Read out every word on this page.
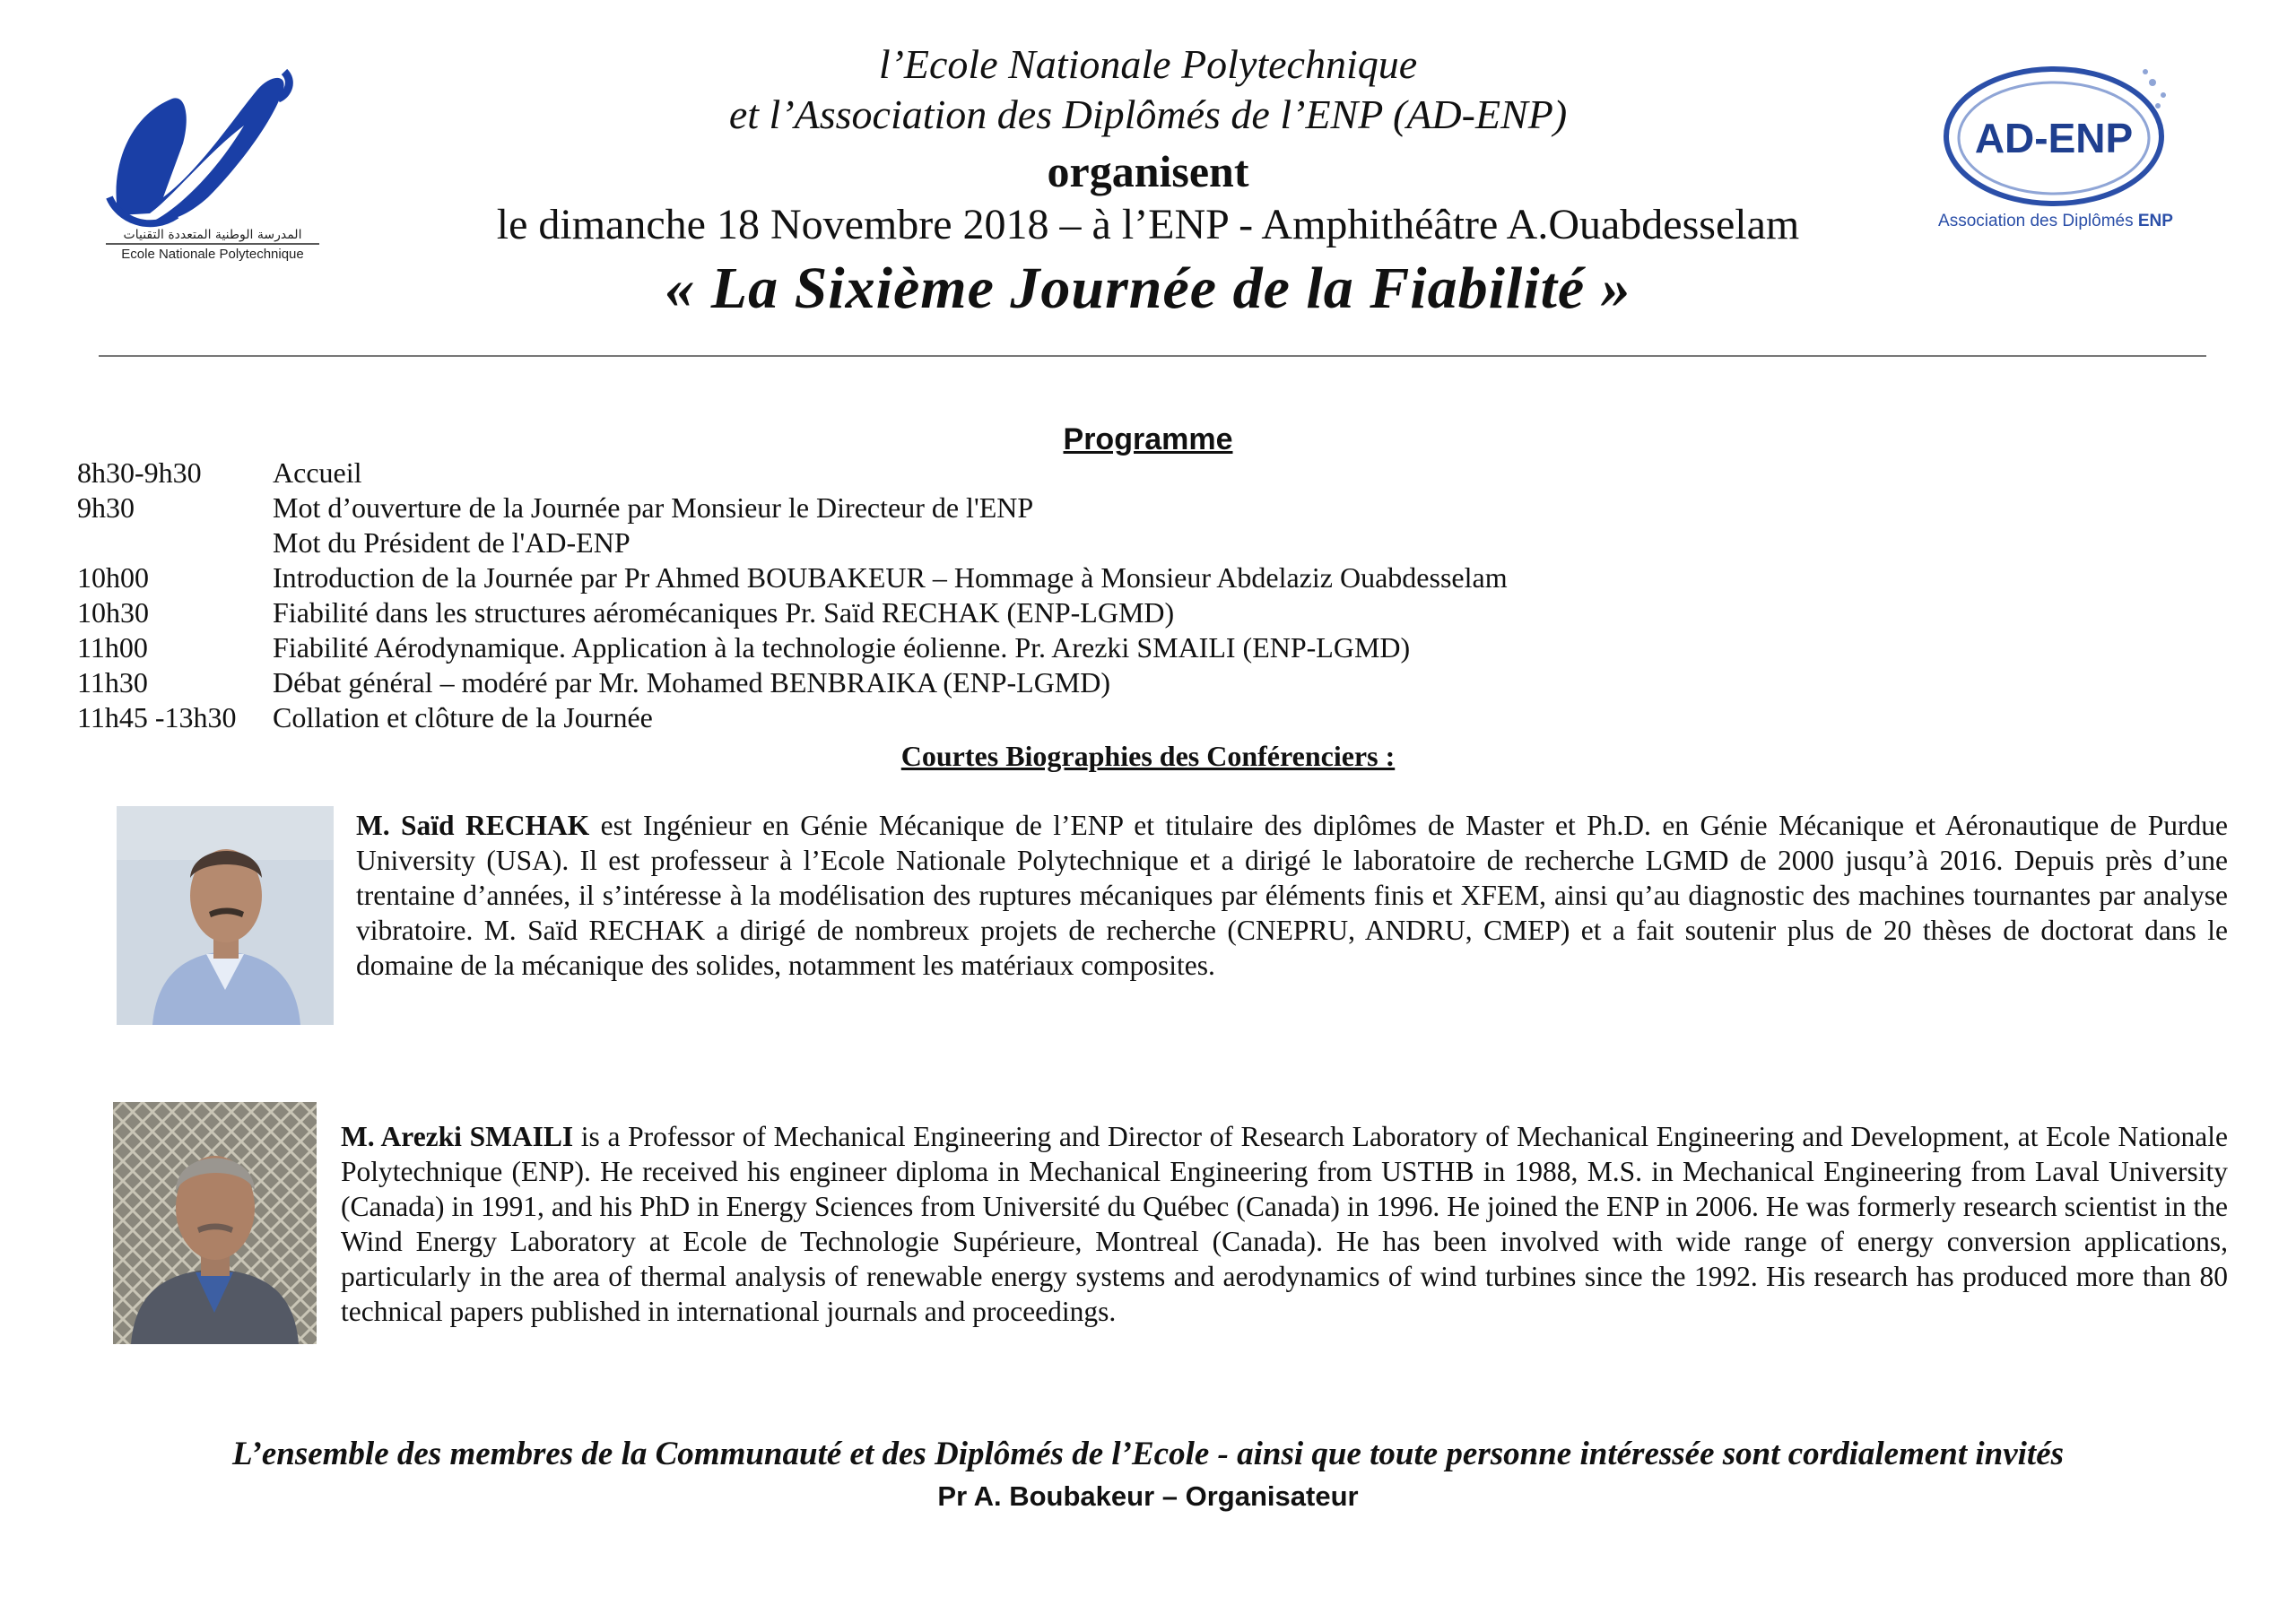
المدرسة الوطنية المتعددة التقنيات
Ecole Nationale Polytechnique
AD-ENP
Association des Diplômés ENP
l’Ecole Nationale Polytechnique
et l’Association des Diplômés de l’ENP (AD-ENP)
organisent
le dimanche 18 Novembre 2018 – à l’ENP - Amphithéâtre A.Ouabdesselam
« La Sixième Journée de la Fiabilité »
Programme
8h30-9h30 Accueil
9h30	Mot d’ouverture de la Journée par Monsieur le Directeur de l'ENP
Mot du Président de l'AD-ENP
10h00	Introduction de la Journée par Pr Ahmed BOUBAKEUR – Hommage à Monsieur Abdelaziz Ouabdesselam
10h30	Fiabilité dans les structures aéromécaniques Pr. Saïd RECHAK (ENP-LGMD)
11h00	Fiabilité Aérodynamique. Application à la technologie éolienne. Pr. Arezki SMAILI (ENP-LGMD)
11h30	Débat général – modéré par Mr. Mohamed BENBRAIKA (ENP-LGMD)
11h45 -13h30 Collation et clôture de la Journée
Courtes Biographies des Conférenciers :
M. Saïd RECHAK est Ingénieur en Génie Mécanique de l’ENP et titulaire des diplômes de Master et Ph.D. en Génie Mécanique et Aéronautique de Purdue University (USA). Il est professeur à l’Ecole Nationale Polytechnique et a dirigé le laboratoire de recherche LGMD de 2000 jusqu’à 2016. Depuis près d’une trentaine d’années, il s’intéresse à la modélisation des ruptures mécaniques par éléments finis et XFEM, ainsi qu’au diagnostic des machines tournantes par analyse vibratoire. M. Saïd RECHAK a dirigé de nombreux projets de recherche (CNEPRU, ANDRU, CMEP) et a fait soutenir plus de 20 thèses de doctorat dans le domaine de la mécanique des solides, notamment les matériaux composites.
M. Arezki SMAILI is a Professor of Mechanical Engineering and Director of Research Laboratory of Mechanical Engineering and Development, at Ecole Nationale Polytechnique (ENP). He received his engineer diploma in Mechanical Engineering from USTHB in 1988, M.S. in Mechanical Engineering from Laval University (Canada) in 1991, and his PhD in Energy Sciences from Université du Québec (Canada) in 1996. He joined the ENP in 2006. He was formerly research scientist in the Wind Energy Laboratory at Ecole de Technologie Supérieure, Montreal (Canada). He has been involved with wide range of energy conversion applications, particularly in the area of thermal analysis of renewable energy systems and aerodynamics of wind turbines since the 1992. His research has produced more than 80 technical papers published in international journals and proceedings.
L’ensemble des membres de la Communauté et des Diplômés de l’Ecole - ainsi que toute personne intéressée sont cordialement invités
Pr A. Boubakeur – Organisateur
